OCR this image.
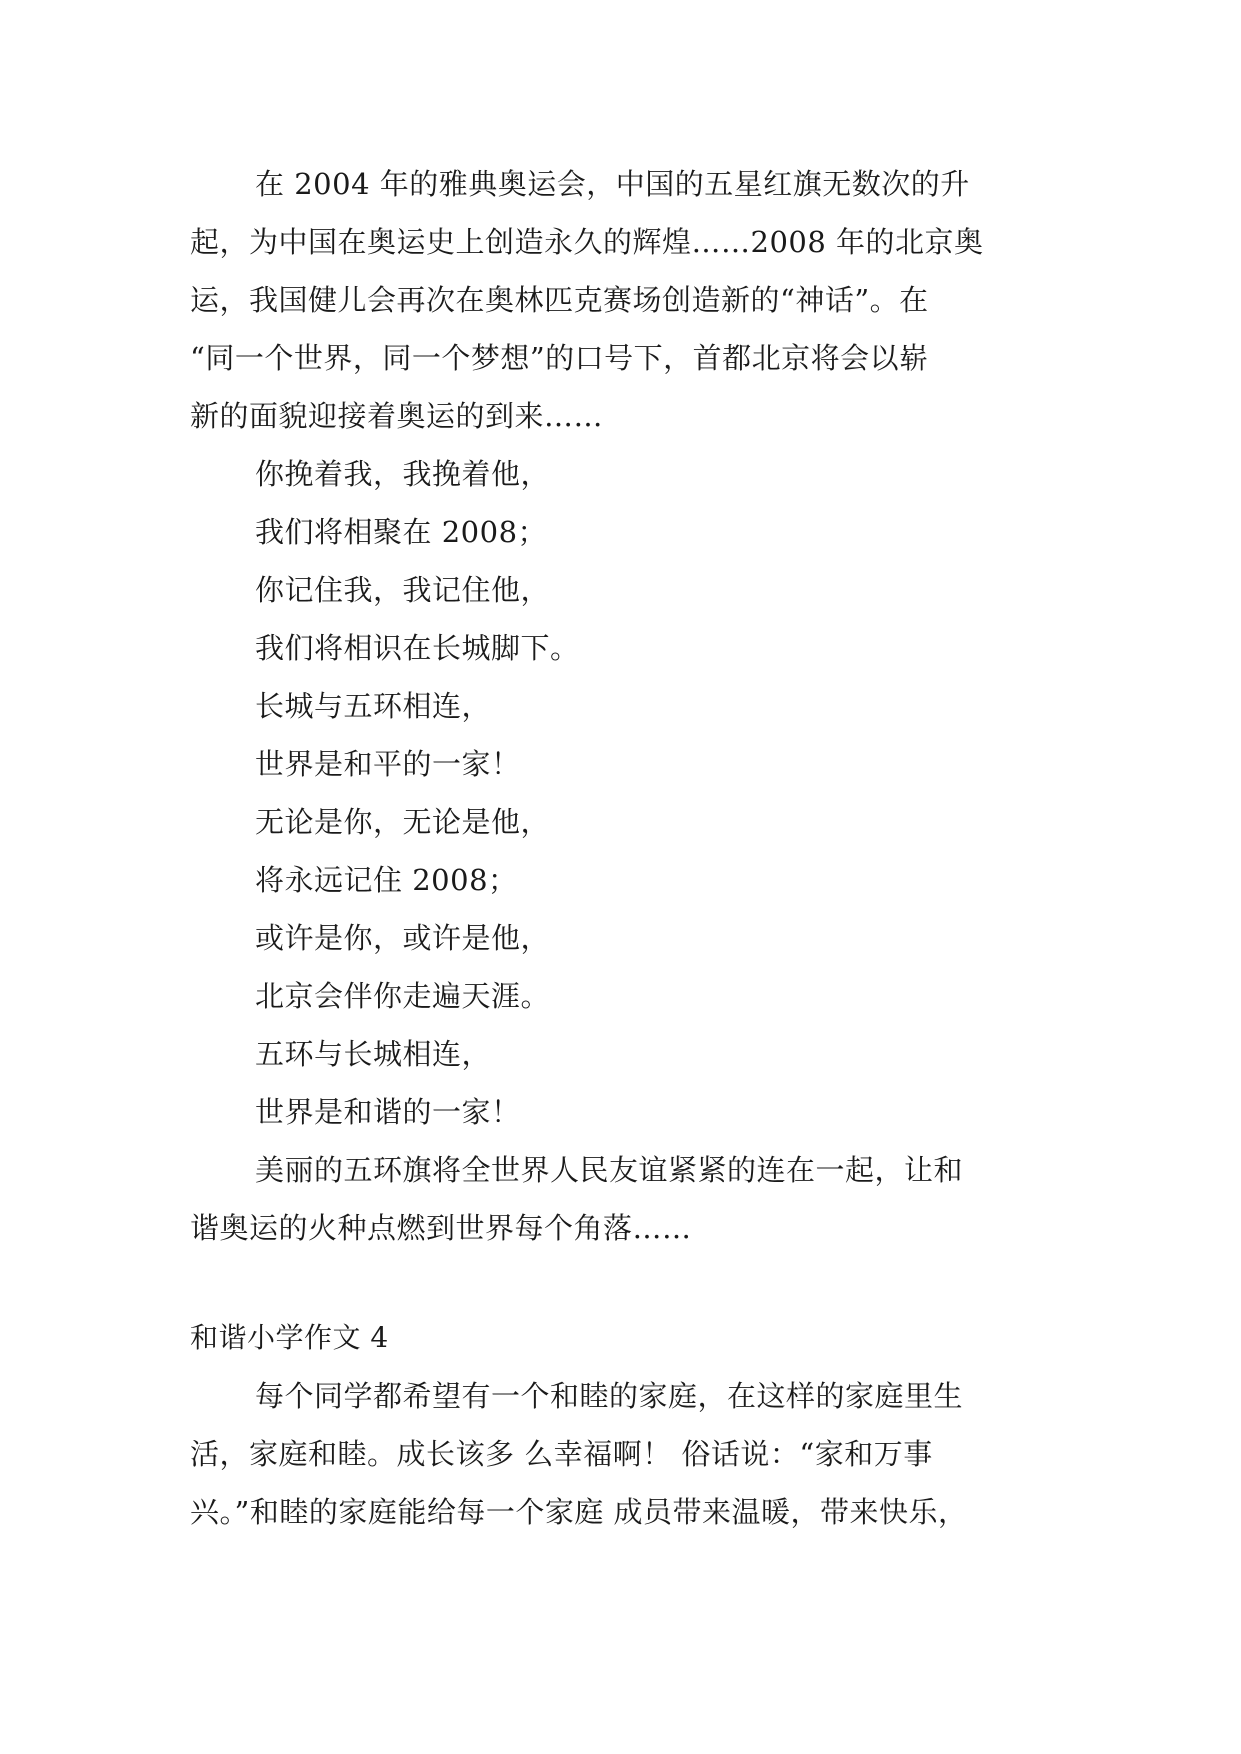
在 2004 年的雅典奥运会，中国的五星红旗无数次的升
起，为中国在奥运史上创造永久的辉煌……2008 年的北京奥
运，我国健儿会再次在奥林匹克赛场创造新的“神话”。在
“同一个世界，同一个梦想”的口号下，首都北京将会以崭
新的面貌迎接着奥运的到来……
你挽着我，我挽着他，
我们将相聚在 2008；
你记住我，我记住他，
我们将相识在长城脚下。
长城与五环相连，
世界是和平的一家！
无论是你，无论是他，
将永远记住 2008；
或许是你，或许是他，
北京会伴你走遍天涯。
五环与长城相连，
世界是和谐的一家！
美丽的五环旗将全世界人民友谊紧紧的连在一起，让和
谐奥运的火种点燃到世界每个角落……
和谐小学作文 4
每个同学都希望有一个和睦的家庭，在这样的家庭里生
活，家庭和睦。成长该多 么幸福啊！ 俗话说：“家和万事
兴。”和睦的家庭能给每一个家庭 成员带来温暖，带来快乐，
